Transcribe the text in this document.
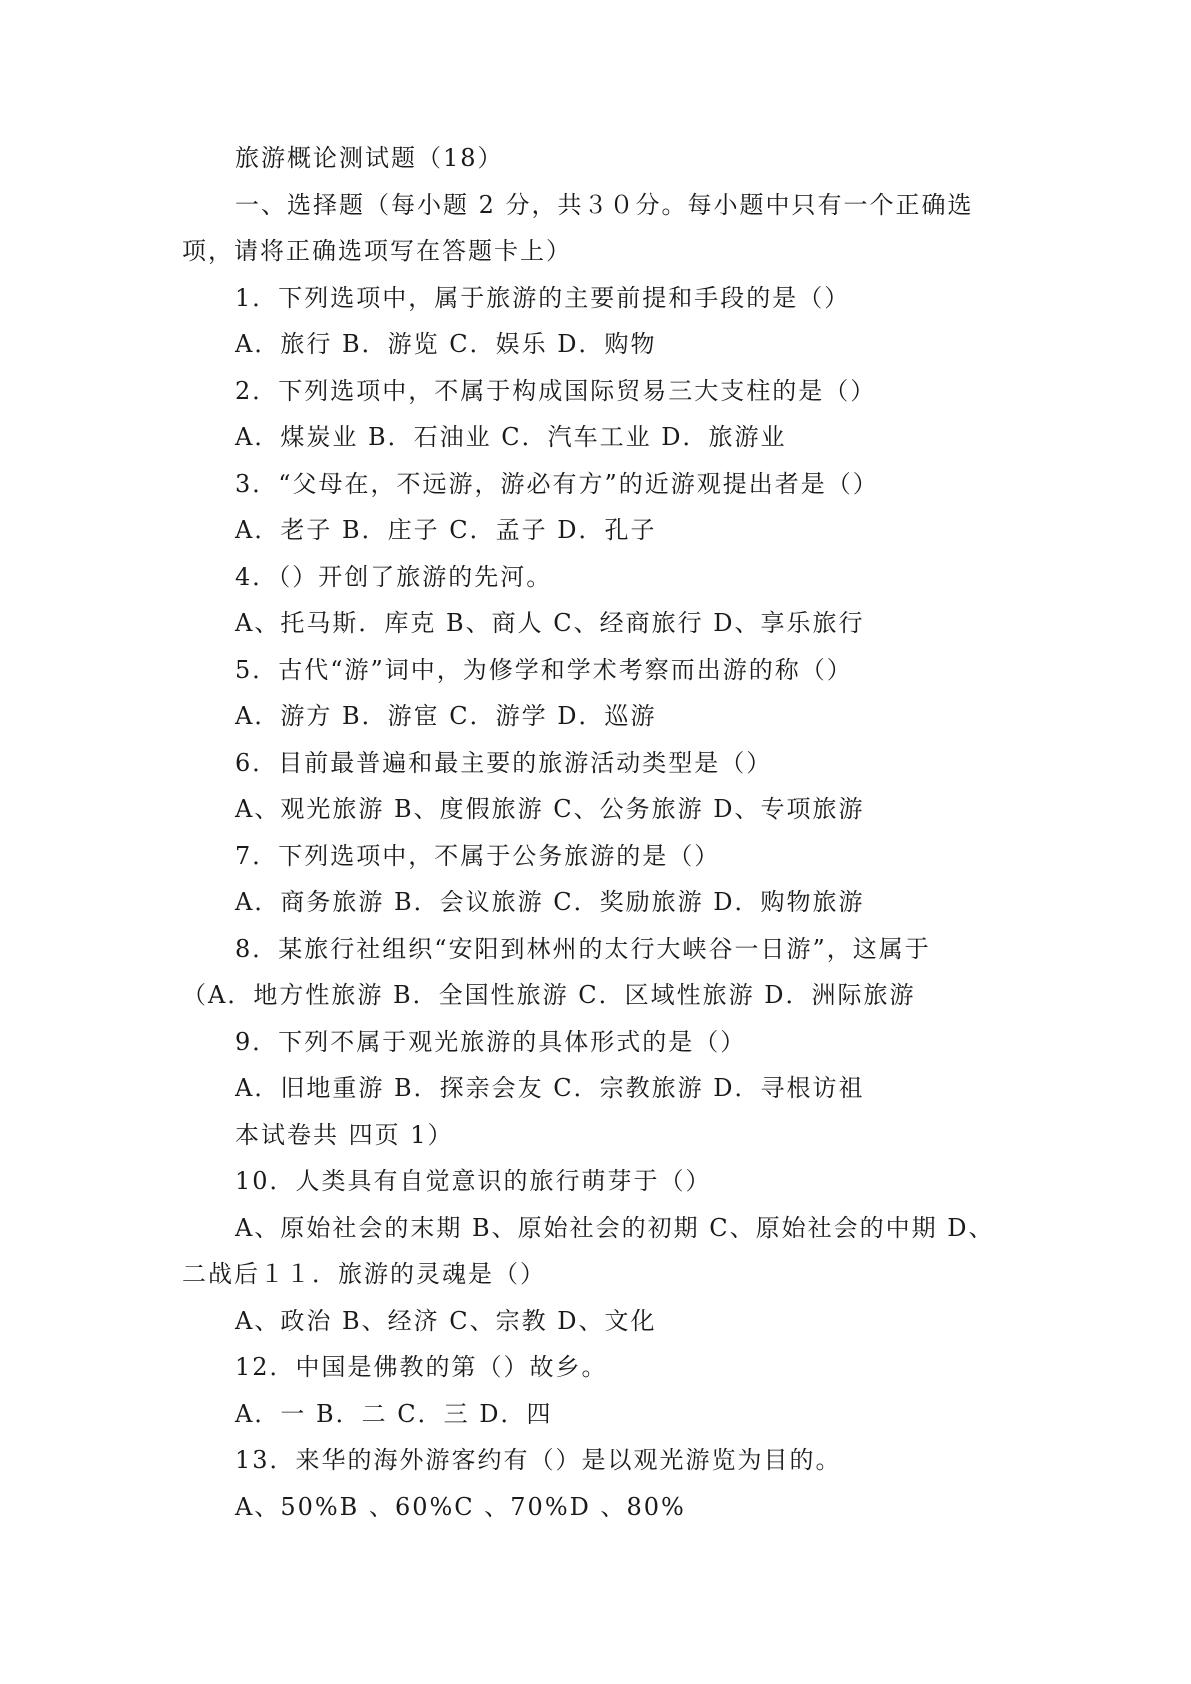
旅游概论测试题（18）
一、选择题（每小题 2 分，共３０分。每小题中只有一个正确选
项，请将正确选项写在答题卡上）
1．下列选项中，属于旅游的主要前提和手段的是（）
A．旅行 B．游览 C．娱乐 D．购物
2．下列选项中，不属于构成国际贸易三大支柱的是（）
A．煤炭业 B．石油业 C．汽车工业 D．旅游业
3．“父母在，不远游，游必有方”的近游观提出者是（）
A．老子 B．庄子 C．孟子 D．孔子
4．（）开创了旅游的先河。
A、托马斯．库克 B、商人 C、经商旅行 D、享乐旅行
5．古代“游”词中，为修学和学术考察而出游的称（）
A．游方 B．游宦 C．游学 D．巡游
6．目前最普遍和最主要的旅游活动类型是（）
A、观光旅游 B、度假旅游 C、公务旅游 D、专项旅游
7．下列选项中，不属于公务旅游的是（）
A．商务旅游 B．会议旅游 C．奖励旅游 D．购物旅游
8．某旅行社组织“安阳到林州的太行大峡谷一日游”，这属于
（A．地方性旅游 B．全国性旅游 C．区域性旅游 D．洲际旅游
9．下列不属于观光旅游的具体形式的是（）
A．旧地重游 B．探亲会友 C．宗教旅游 D．寻根访祖
本试卷共 四页 1）
10．人类具有自觉意识的旅行萌芽于（）
A、原始社会的末期 B、原始社会的初期 C、原始社会的中期 D、
二战后１１．旅游的灵魂是（）
A、政治 B、经济 C、宗教 D、文化
12．中国是佛教的第（）故乡。
A．一 B．二 C．三 D．四
13．来华的海外游客约有（）是以观光游览为目的。
A、50%B 、60%C 、70%D 、80%
